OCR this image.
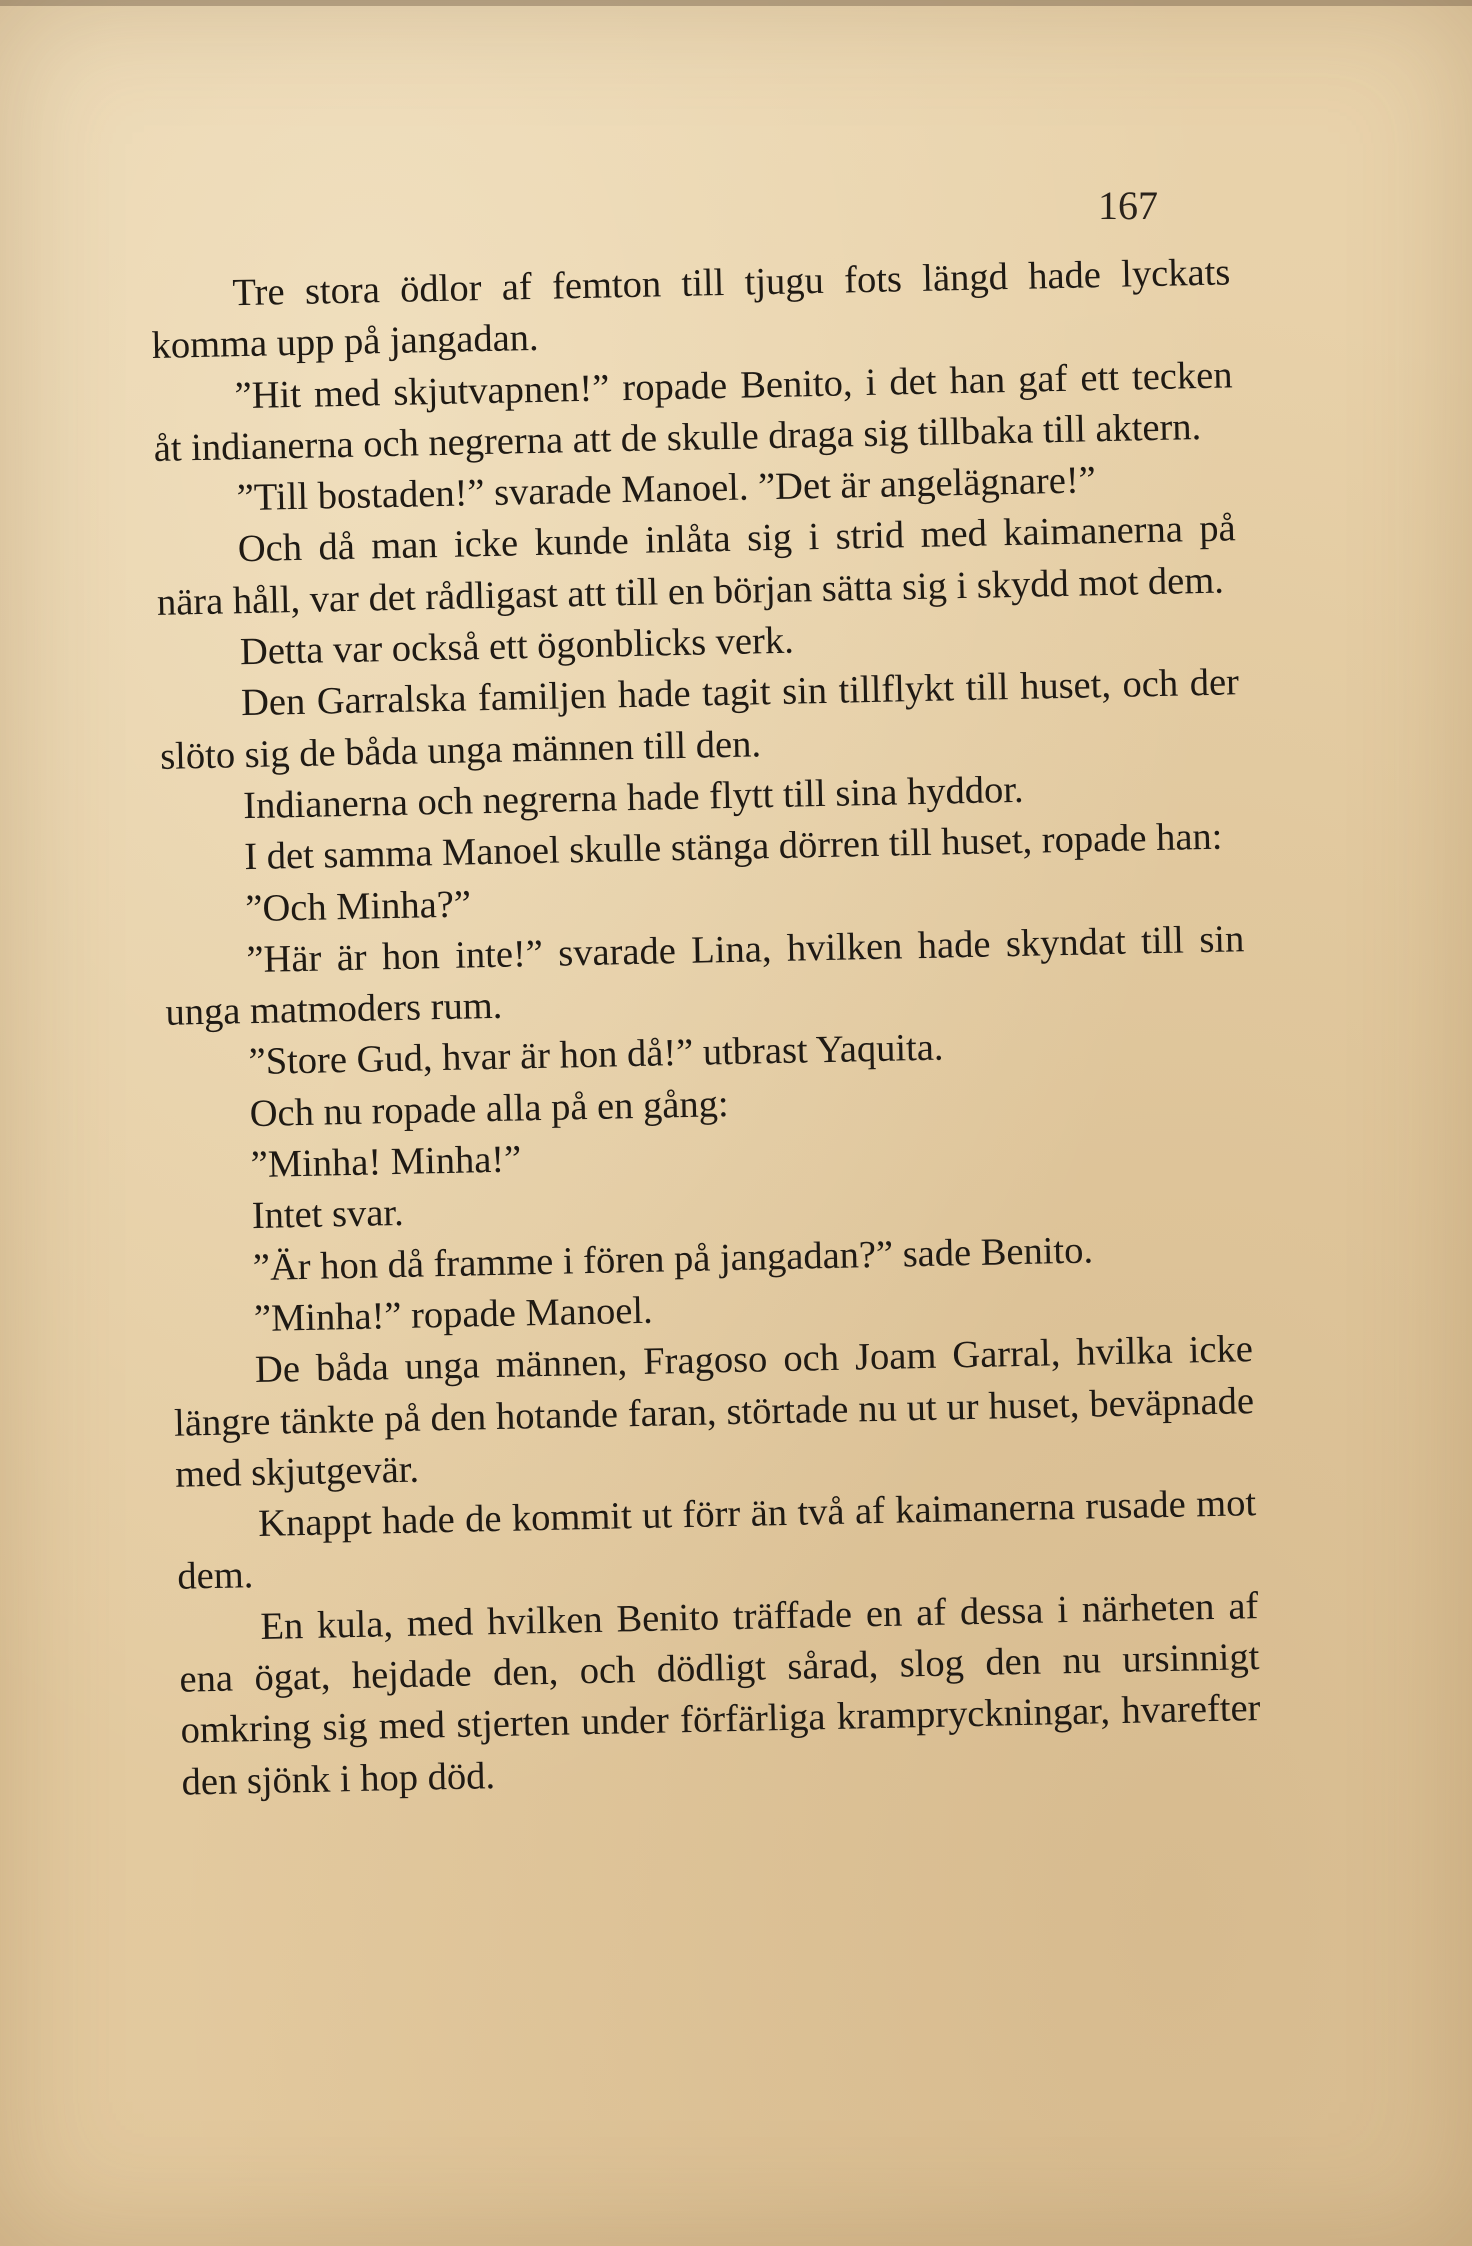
167

Tre stora ödlor af femton till tjugu fots längd hade lyckats komma upp på jangadan.

”Hit med skjutvapnen!” ropade Benito, i det han gaf ett tecken åt indianerna och negrerna att de skulle draga sig tillbaka till aktern.

”Till bostaden!” svarade Manoel. ”Det är angelägnare!”

Och då man icke kunde inlåta sig i strid med kaimanerna på nära håll, var det rådligast att till en början sätta sig i skydd mot dem.

Detta var också ett ögonblicks verk.

Den Garralska familjen hade tagit sin tillflykt till huset, och der slöto sig de båda unga männen till den.

Indianerna och negrerna hade flytt till sina hyddor.

I det samma Manoel skulle stänga dörren till huset, ropade han:

”Och Minha?”

”Här är hon inte!” svarade Lina, hvilken hade skyndat till sin unga matmoders rum.

”Store Gud, hvar är hon då!” utbrast Yaquita.

Och nu ropade alla på en gång:

”Minha! Minha!”

Intet svar.

”Är hon då framme i fören på jangadan?” sade Benito.

”Minha!” ropade Manoel.

De båda unga männen, Fragoso och Joam Garral, hvilka icke längre tänkte på den hotande faran, störtade nu ut ur huset, beväpnade med skjutgevär.

Knappt hade de kommit ut förr än två af kaimanerna rusade mot dem.

En kula, med hvilken Benito träffade en af dessa i närheten af ena ögat, hejdade den, och dödligt sårad, slog den nu ursinnigt omkring sig med stjerten under förfärliga krampryckningar, hvarefter den sjönk i hop död.
